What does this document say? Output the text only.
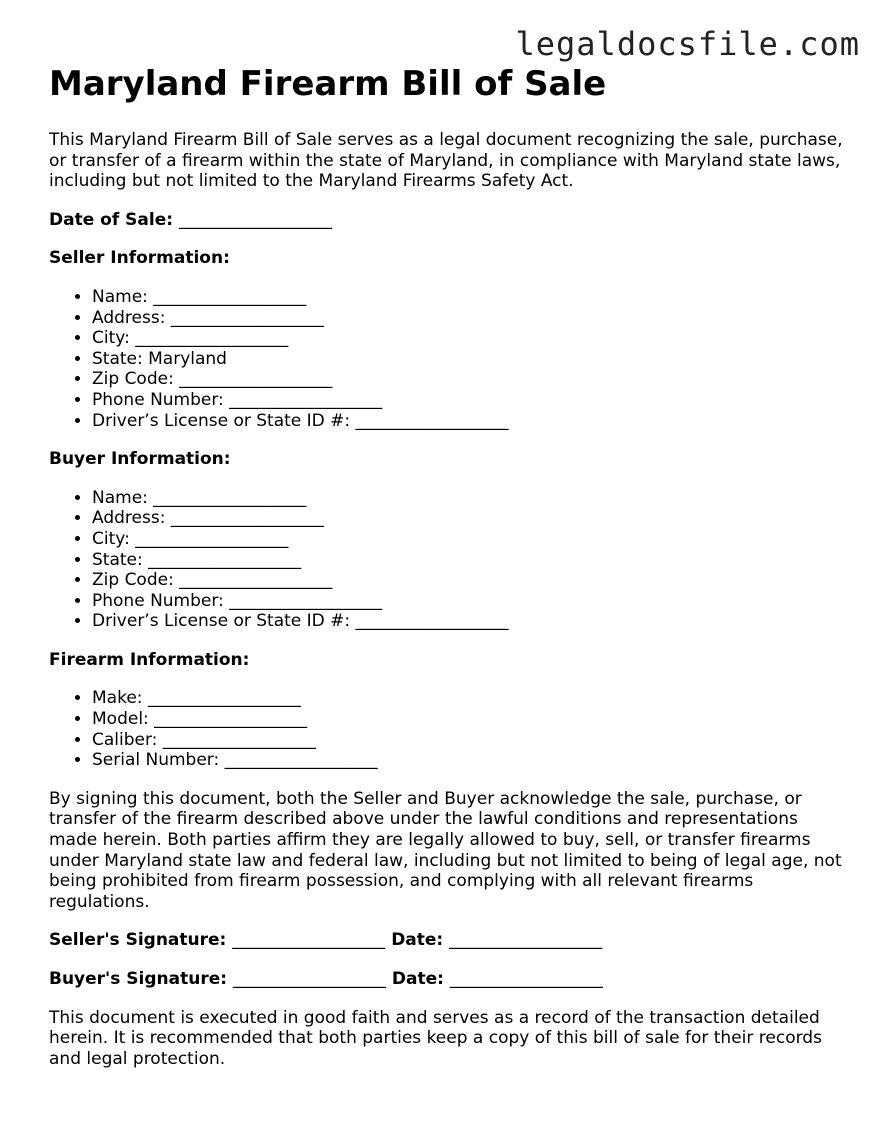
legaldocsfile.com
Maryland Firearm Bill of Sale

This Maryland Firearm Bill of Sale serves as a legal document recognizing the sale, purchase, or transfer of a firearm within the state of Maryland, in compliance with Maryland state laws, including but not limited to the Maryland Firearms Safety Act.

Date of Sale: __________________
Seller Information:
• Name: __________________
• Address: __________________
• City: __________________
• State: Maryland
• Zip Code: __________________
• Phone Number: __________________
• Driver’s License or State ID #: __________________
Buyer Information:
• Name: __________________
• Address: __________________
• City: __________________
• State: __________________
• Zip Code: __________________
• Phone Number: __________________
• Driver’s License or State ID #: __________________
Firearm Information:
• Make: __________________
• Model: __________________
• Caliber: __________________
• Serial Number: __________________

By signing this document, both the Seller and Buyer acknowledge the sale, purchase, or transfer of the firearm described above under the lawful conditions and representations made herein. Both parties affirm they are legally allowed to buy, sell, or transfer firearms under Maryland state law and federal law, including but not limited to being of legal age, not being prohibited from firearm possession, and complying with all relevant firearms regulations.

Seller's Signature: __________________ Date: __________________
Buyer's Signature: __________________ Date: __________________

This document is executed in good faith and serves as a record of the transaction detailed herein. It is recommended that both parties keep a copy of this bill of sale for their records and legal protection.
